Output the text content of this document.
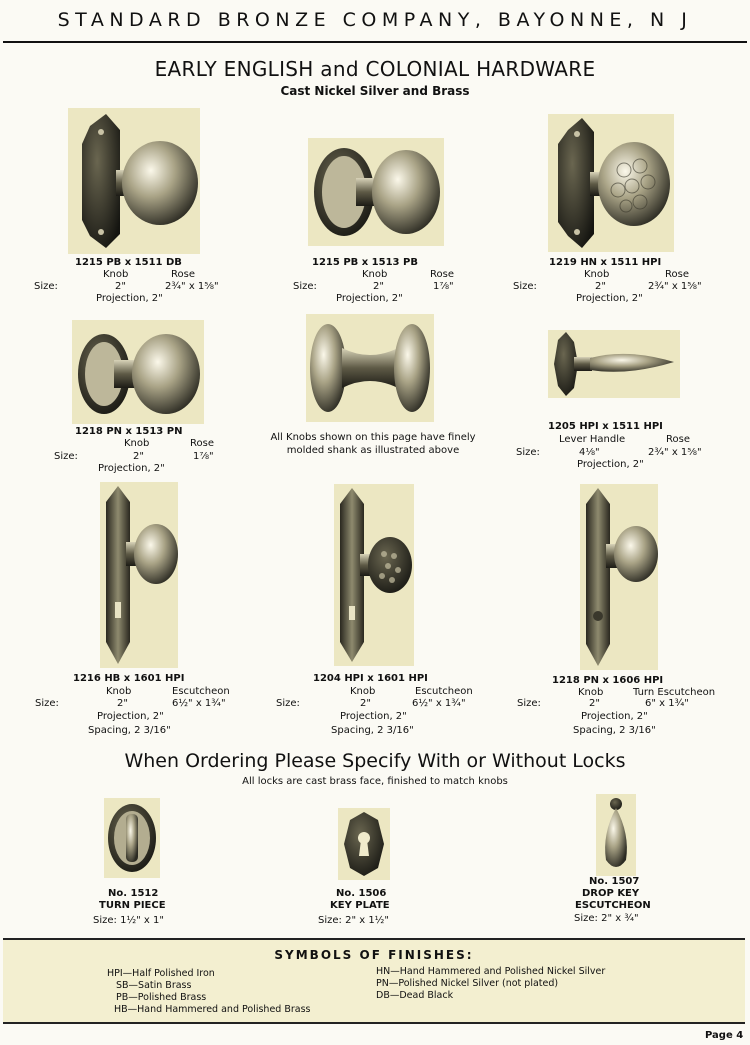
STANDARD BRONZE COMPANY, BAYONNE, N J
EARLY ENGLISH and COLONIAL HARDWARE
Cast Nickel Silver and Brass
1215 PB x 1511 DB
Knob	Rose
Size:	2"	2¾" x 1⅝"
Projection, 2"
1215 PB x 1513 PB
Knob	Rose
Size:	2"	1⅞"
Projection, 2"
1219 HN x 1511 HPI
Knob	Rose
Size:	2"	2¾" x 1⅝"
Projection, 2"
All Knobs shown on this page have finely molded shank as illustrated above
1218 PN x 1513 PN
Knob	Rose
Size:	2"	1⅞"
Projection, 2"
1205 HPI x 1511 HPI
Lever Handle	Rose
Size:	4⅛"	2¾" x 1⅝"
Projection, 2"
1216 HB x 1601 HPI
Knob	Escutcheon
Size:	2"	6½" x 1¾"
Projection, 2"
Spacing, 2 3/16"
1204 HPI x 1601 HPI
Knob	Escutcheon
Size:	2"	6½" x 1¾"
Projection, 2"
Spacing, 2 3/16"
1218 PN x 1606 HPI
Knob	Turn Escutcheon
Size:	2"	6" x 1¾"
Projection, 2"
Spacing, 2 3/16"
When Ordering Please Specify With or Without Locks
All locks are cast brass face, finished to match knobs
No. 1512
TURN PIECE
Size: 1½" x 1"
No. 1506
KEY PLATE
Size: 2" x 1½"
No. 1507
DROP KEY
ESCUTCHEON
Size: 2" x ¾"
SYMBOLS OF FINISHES:
HPI—Half Polished Iron
SB—Satin Brass
PB—Polished Brass
HB—Hand Hammered and Polished Brass
HN—Hand Hammered and Polished Nickel Silver
PN—Polished Nickel Silver (not plated)
DB—Dead Black
Page 4
